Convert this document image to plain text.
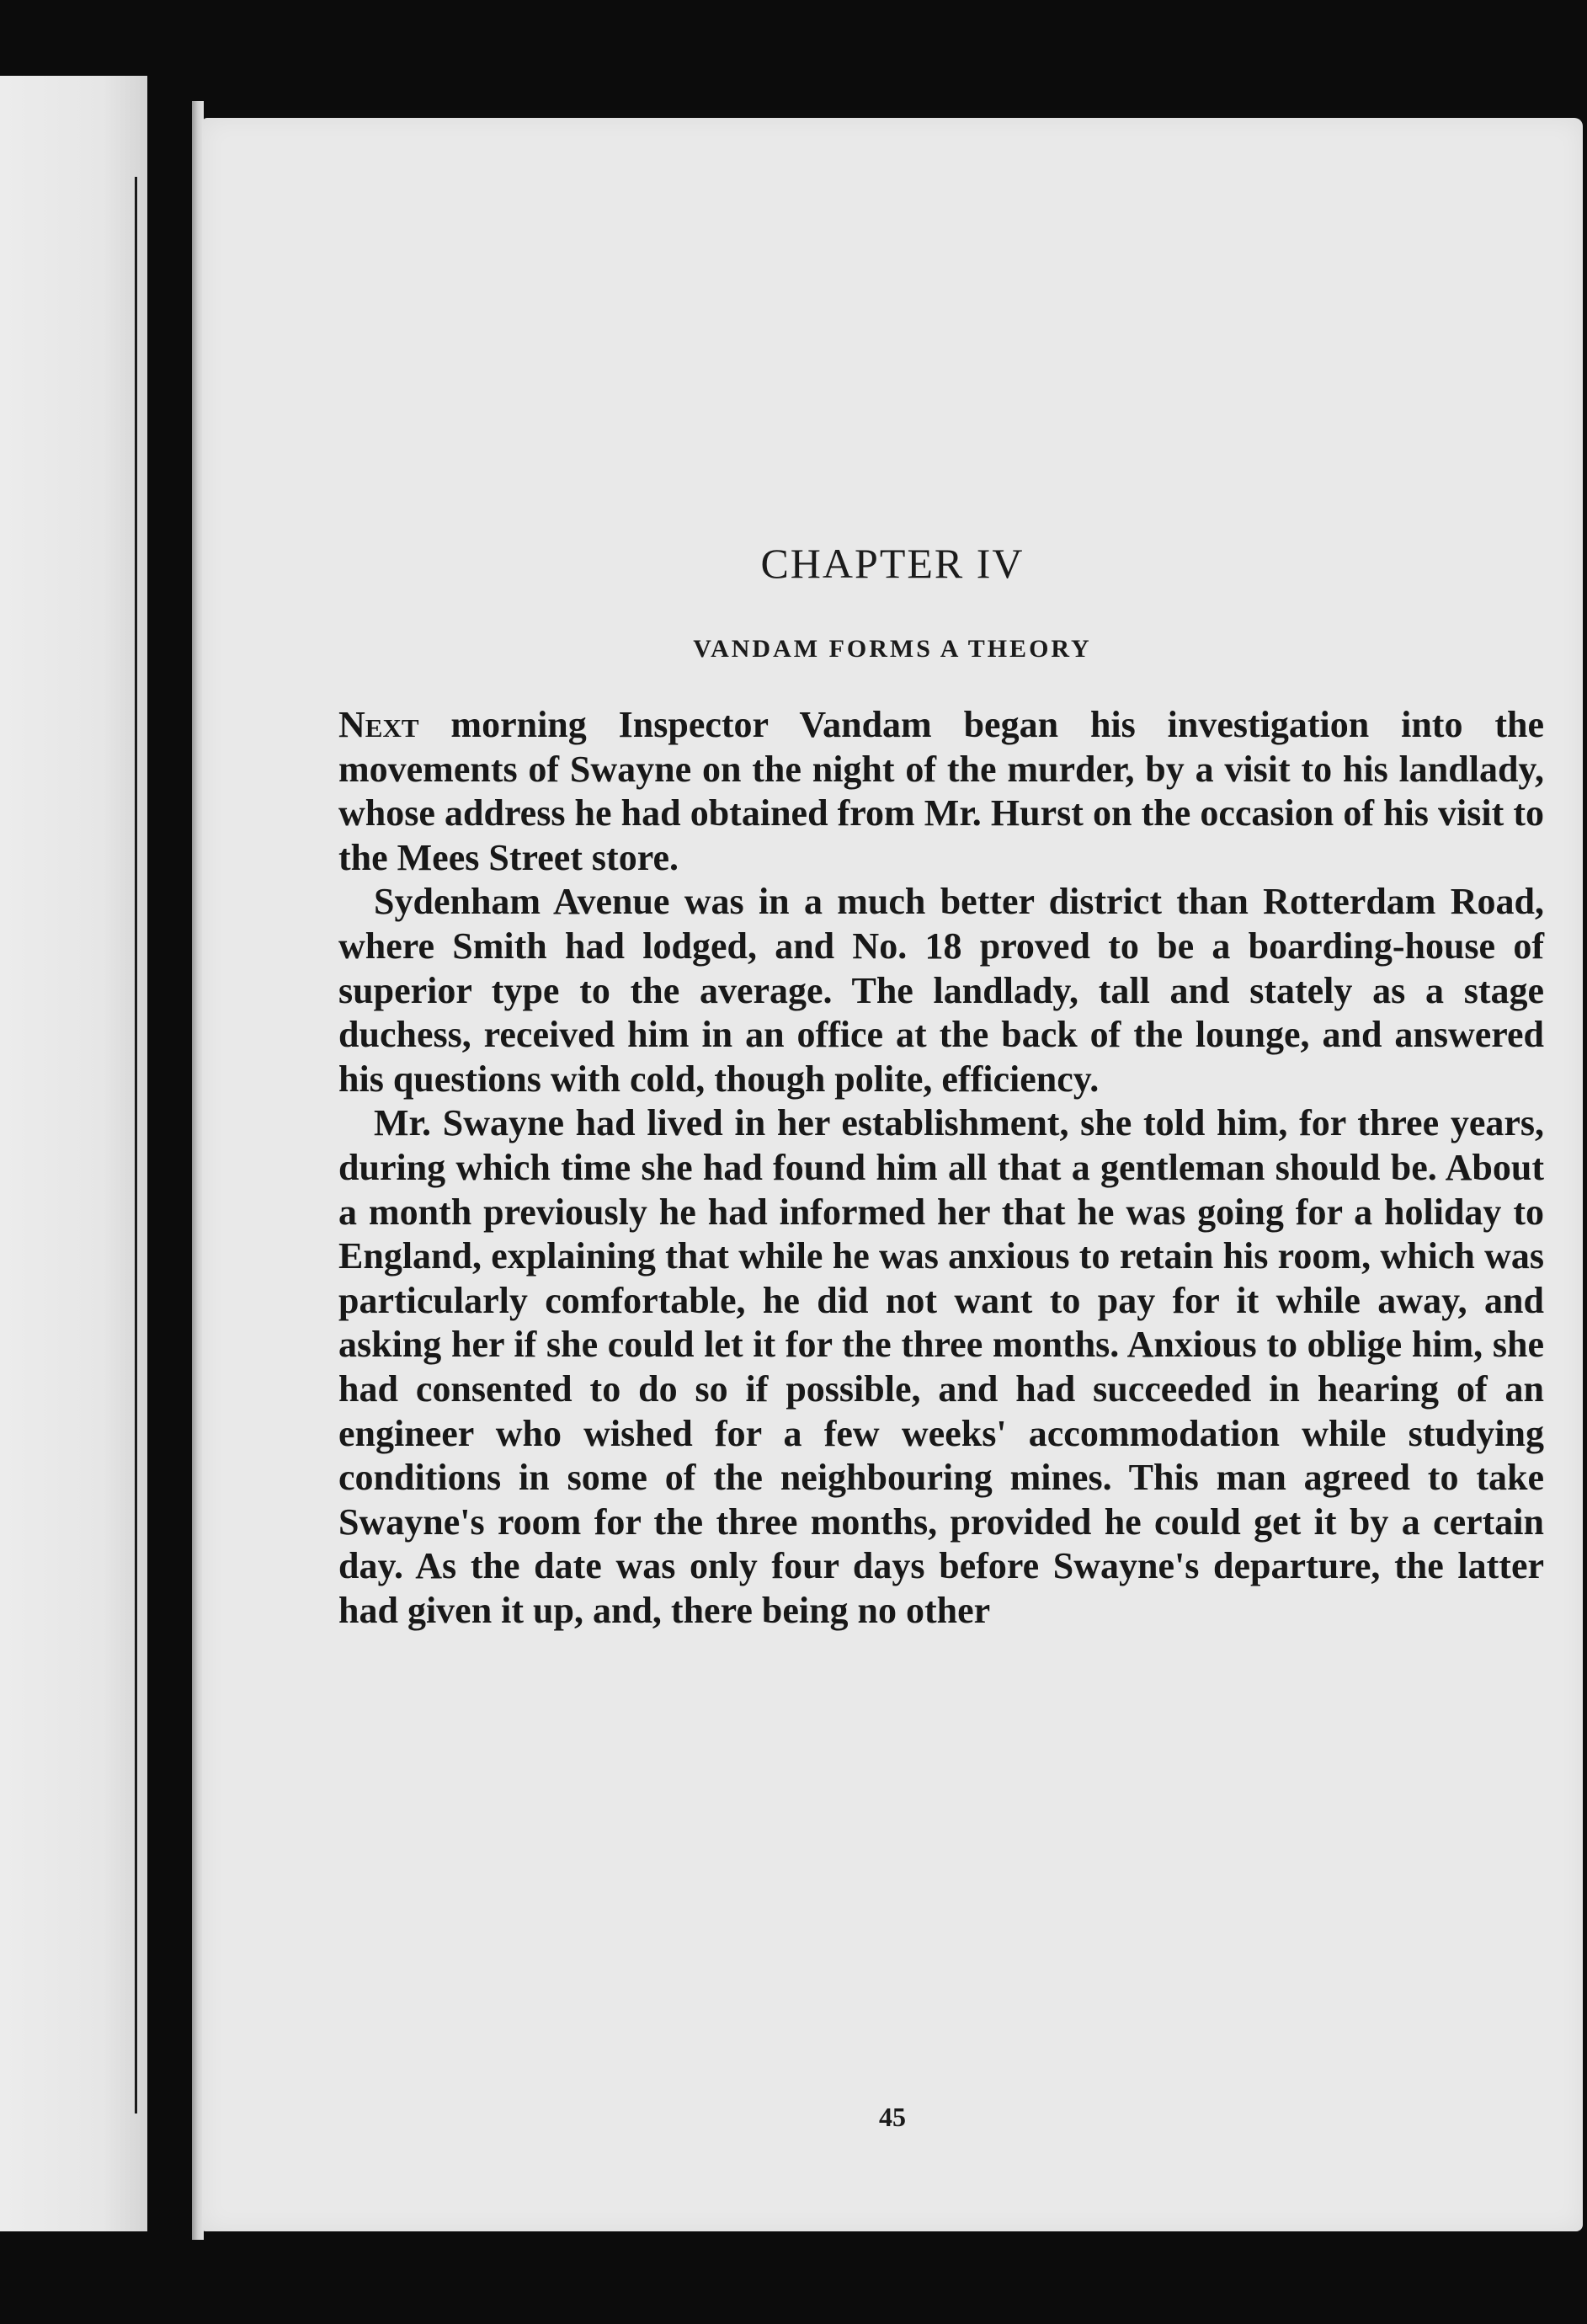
CHAPTER IV
VANDAM FORMS A THEORY

Next morning Inspector Vandam began his investigation into the movements of Swayne on the night of the murder, by a visit to his landlady, whose address he had obtained from Mr. Hurst on the occasion of his visit to the Mees Street store.

Sydenham Avenue was in a much better district than Rotterdam Road, where Smith had lodged, and No. 18 proved to be a boarding-house of superior type to the average. The landlady, tall and stately as a stage duchess, received him in an office at the back of the lounge, and answered his questions with cold, though polite, efficiency.

Mr. Swayne had lived in her establishment, she told him, for three years, during which time she had found him all that a gentleman should be. About a month previously he had informed her that he was going for a holiday to England, explaining that while he was anxious to retain his room, which was particularly comfortable, he did not want to pay for it while away, and asking her if she could let it for the three months. Anxious to oblige him, she had consented to do so if possible, and had succeeded in hearing of an engineer who wished for a few weeks' accommodation while studying conditions in some of the neighbouring mines. This man agreed to take Swayne's room for the three months, provided he could get it by a certain day. As the date was only four days before Swayne's departure, the latter had given it up, and, there being no other

45
